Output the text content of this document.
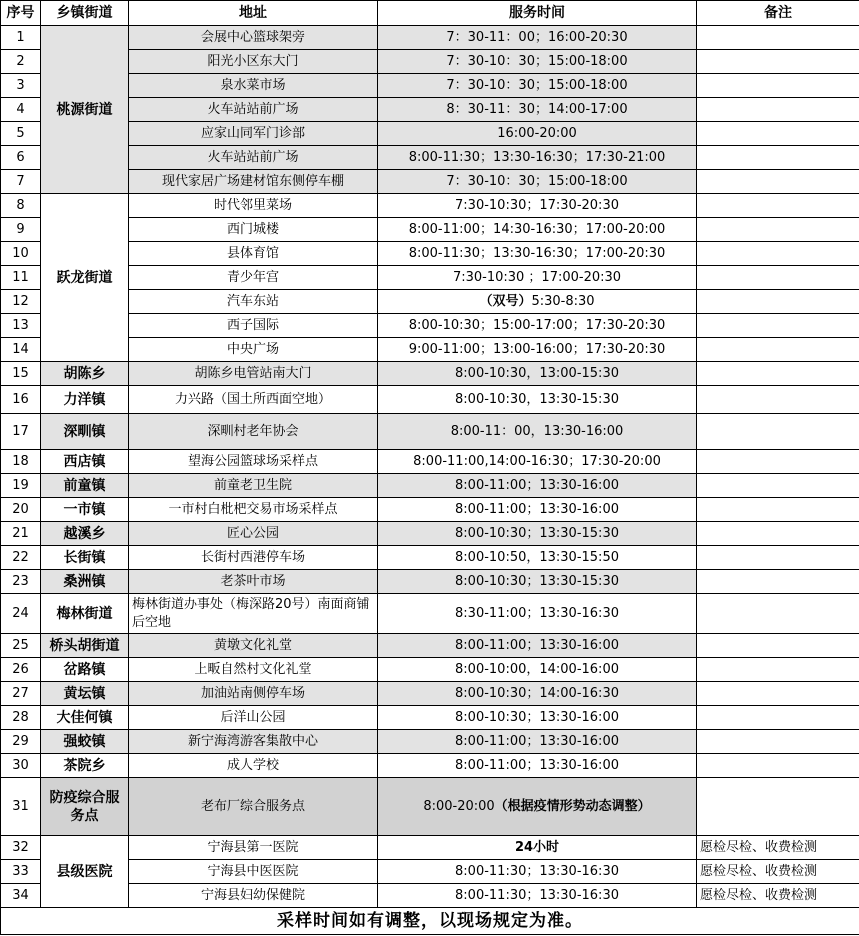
序号	乡镇街道	地址	服务时间	备注
1	桃源街道	会展中心篮球架旁	7：30-11：00；16:00-20:30	
2		阳光小区东大门	7：30-10：30；15:00-18:00	
3		泉水菜市场	7：30-10：30；15:00-18:00	
4		火车站站前广场	8：30-11：30；14:00-17:00	
5		应家山同军门诊部	16:00-20:00	
6		火车站站前广场	8:00-11:30；13:30-16:30；17:30-21:00	
7		现代家居广场建材馆东侧停车棚	7：30-10：30；15:00-18:00	
8	跃龙街道	时代邻里菜场	7:30-10:30；17:30-20:30	
9		西门城楼	8:00-11:00；14:30-16:30；17:00-20:00	
10		县体育馆	8:00-11:30；13:30-16:30；17:00-20:30	
11		青少年宫	7:30-10:30 ；17:00-20:30	
12		汽车东站	（双号）5:30-8:30	
13		西子国际	8:00-10:30；15:00-17:00；17:30-20:30	
14		中央广场	9:00-11:00；13:00-16:00；17:30-20:30	
15	胡陈乡	胡陈乡电管站南大门	8:00-10:30，13:00-15:30	
16	力洋镇	力兴路（国土所西面空地）	8:00-10:30，13:30-15:30	
17	深甽镇	深甽村老年协会	8:00-11：00，13:30-16:00	
18	西店镇	望海公园篮球场采样点	8:00-11:00,14:00-16:30；17:30-20:00	
19	前童镇	前童老卫生院	8:00-11:00；13:30-16:00	
20	一市镇	一市村白枇杷交易市场采样点	8:00-11:00；13:30-16:00	
21	越溪乡	匠心公园	8:00-10:30；13:30-15:30	
22	长街镇	长街村西港停车场	8:00-10:50，13:30-15:50	
23	桑洲镇	老茶叶市场	8:00-10:30；13:30-15:30	
24	梅林街道	梅林街道办事处（梅深路20号）南面商铺后空地	8:30-11:00；13:30-16:30	
25	桥头胡街道	黄墩文化礼堂	8:00-11:00；13:30-16:00	
26	岔路镇	上畈自然村文化礼堂	8:00-10:00，14:00-16:00	
27	黄坛镇	加油站南侧停车场	8:00-10:30；14:00-16:30	
28	大佳何镇	后洋山公园	8:00-10:30；13:30-16:00	
29	强蛟镇	新宁海湾游客集散中心	8:00-11:00；13:30-16:00	
30	茶院乡	成人学校	8:00-11:00；13:30-16:00	
31	防疫综合服务点	老布厂综合服务点	8:00-20:00（根据疫情形势动态调整）	
32	县级医院	宁海县第一医院	24小时	愿检尽检、收费检测
33		宁海县中医医院	8:00-11:30；13:30-16:30	愿检尽检、收费检测
34		宁海县妇幼保健院	8:00-11:30；13:30-16:30	愿检尽检、收费检测
采样时间如有调整，以现场规定为准。				
